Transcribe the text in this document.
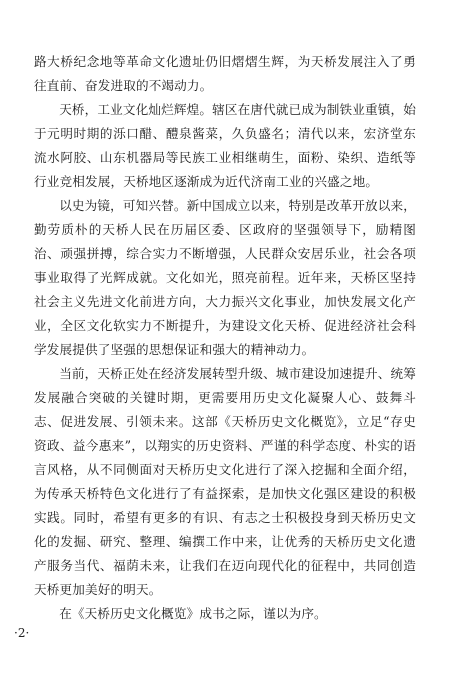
路大桥纪念地等革命文化遗址仍旧熠熠生辉，为天桥发展注入了勇往直前、奋发进取的不竭动力。

天桥，工业文化灿烂辉煌。辖区在唐代就已成为制铁业重镇，始于元明时期的泺口醋、醴泉酱菜，久负盛名；清代以来，宏济堂东流水阿胶、山东机器局等民族工业相继萌生，面粉、染织、造纸等行业竞相发展，天桥地区逐渐成为近代济南工业的兴盛之地。

以史为镜，可知兴替。新中国成立以来，特别是改革开放以来，勤劳质朴的天桥人民在历届区委、区政府的坚强领导下，励精图治、顽强拼搏，综合实力不断增强，人民群众安居乐业，社会各项事业取得了光辉成就。文化如光，照亮前程。近年来，天桥区坚持社会主义先进文化前进方向，大力振兴文化事业，加快发展文化产业，全区文化软实力不断提升，为建设文化天桥、促进经济社会科学发展提供了坚强的思想保证和强大的精神动力。

当前，天桥正处在经济发展转型升级、城市建设加速提升、统筹发展融合突破的关键时期，更需要用历史文化凝聚人心、鼓舞斗志、促进发展、引领未来。这部《天桥历史文化概览》，立足“存史资政、益今惠来”，以翔实的历史资料、严谨的科学态度、朴实的语言风格，从不同侧面对天桥历史文化进行了深入挖掘和全面介绍，为传承天桥特色文化进行了有益探索，是加快文化强区建设的积极实践。同时，希望有更多的有识、有志之士积极投身到天桥历史文化的发掘、研究、整理、编撰工作中来，让优秀的天桥历史文化遗产服务当代、福荫未来，让我们在迈向现代化的征程中，共同创造天桥更加美好的明天。

在《天桥历史文化概览》成书之际，谨以为序。

·2·
